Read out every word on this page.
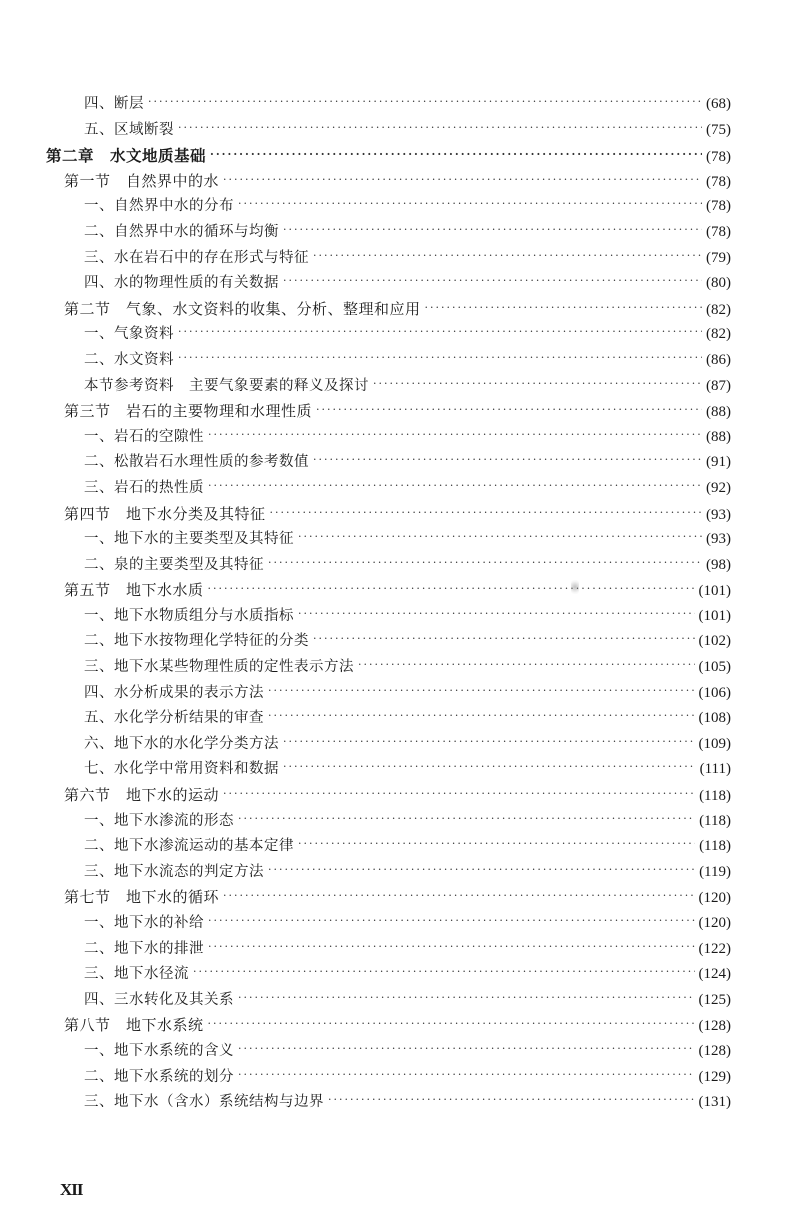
四、断层 ·····	(68)
五、区域断裂 ·····	(75)
第二章　水文地质基础 ·····	(78)
第一节　自然界中的水 ·····	(78)
一、自然界中水的分布 ·····	(78)
二、自然界中水的循环与均衡 ·····	(78)
三、水在岩石中的存在形式与特征 ·····	(79)
四、水的物理性质的有关数据 ·····	(80)
第二节　气象、水文资料的收集、分析、整理和应用 ·····	(82)
一、气象资料 ·····	(82)
二、水文资料 ·····	(86)
本节参考资料　主要气象要素的释义及探讨 ·····	(87)
第三节　岩石的主要物理和水理性质 ·····	(88)
一、岩石的空隙性 ·····	(88)
二、松散岩石水理性质的参考数值 ·····	(91)
三、岩石的热性质 ·····	(92)
第四节　地下水分类及其特征 ·····	(93)
一、地下水的主要类型及其特征 ·····	(93)
二、泉的主要类型及其特征 ·····	(98)
第五节　地下水水质 ·····	(101)
一、地下水物质组分与水质指标 ·····	(101)
二、地下水按物理化学特征的分类 ·····	(102)
三、地下水某些物理性质的定性表示方法 ·····	(105)
四、水分析成果的表示方法 ·····	(106)
五、水化学分析结果的审查 ·····	(108)
六、地下水的水化学分类方法 ·····	(109)
七、水化学中常用资料和数据 ·····	(111)
第六节　地下水的运动 ·····	(118)
一、地下水渗流的形态 ·····	(118)
二、地下水渗流运动的基本定律 ·····	(118)
三、地下水流态的判定方法 ·····	(119)
第七节　地下水的循环 ·····	(120)
一、地下水的补给 ·····	(120)
二、地下水的排泄 ·····	(122)
三、地下水径流 ·····	(124)
四、三水转化及其关系 ·····	(125)
第八节　地下水系统 ·····	(128)
一、地下水系统的含义 ·····	(128)
二、地下水系统的划分 ·····	(129)
三、地下水（含水）系统结构与边界 ·····	(131)
XII
